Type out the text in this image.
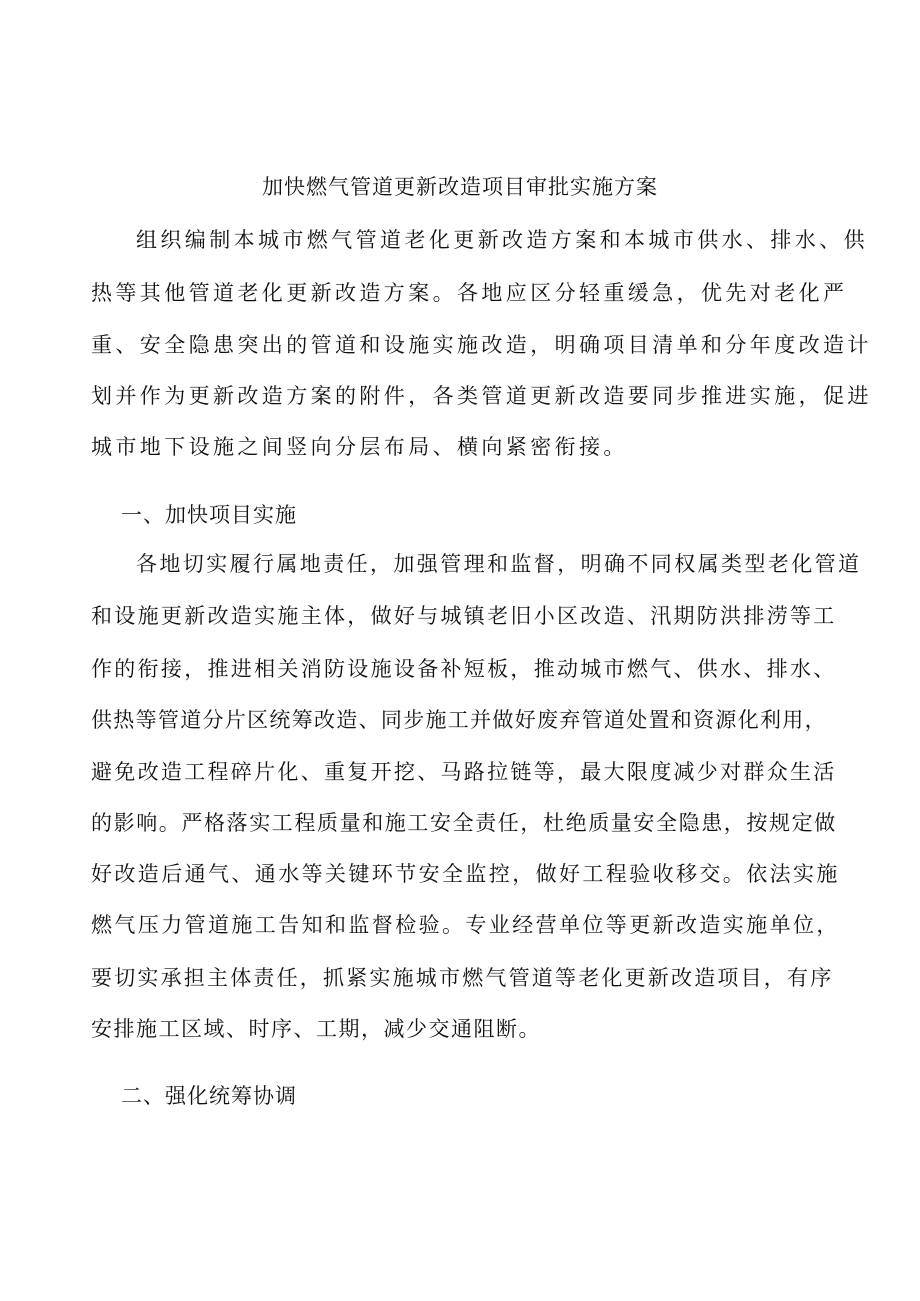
加快燃气管道更新改造项目审批实施方案
组织编制本城市燃气管道老化更新改造方案和本城市供水、排水、供
热等其他管道老化更新改造方案。各地应区分轻重缓急，优先对老化严
重、安全隐患突出的管道和设施实施改造，明确项目清单和分年度改造计
划并作为更新改造方案的附件，各类管道更新改造要同步推进实施，促进
城市地下设施之间竖向分层布局、横向紧密衔接。
一、加快项目实施
各地切实履行属地责任，加强管理和监督，明确不同权属类型老化管道
和设施更新改造实施主体，做好与城镇老旧小区改造、汛期防洪排涝等工
作的衔接，推进相关消防设施设备补短板，推动城市燃气、供水、排水、
供热等管道分片区统筹改造、同步施工并做好废弃管道处置和资源化利用，
避免改造工程碎片化、重复开挖、马路拉链等，最大限度减少对群众生活
的影响。严格落实工程质量和施工安全责任，杜绝质量安全隐患，按规定做
好改造后通气、通水等关键环节安全监控，做好工程验收移交。依法实施
燃气压力管道施工告知和监督检验。专业经营单位等更新改造实施单位，
要切实承担主体责任，抓紧实施城市燃气管道等老化更新改造项目，有序
安排施工区域、时序、工期，减少交通阻断。
二、强化统筹协调
